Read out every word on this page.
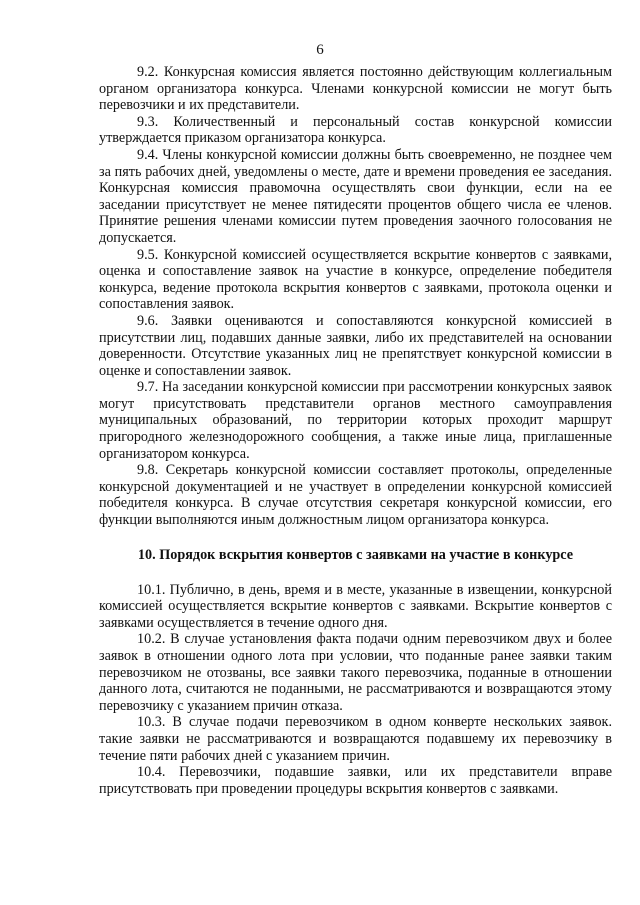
6

9.2. Конкурсная комиссия является постоянно действующим коллегиальным органом организатора конкурса. Членами конкурсной комиссии не могут быть перевозчики и их представители.

9.3. Количественный и персональный состав конкурсной комиссии утверждается приказом организатора конкурса.

9.4. Члены конкурсной комиссии должны быть своевременно, не позднее чем за пять рабочих дней, уведомлены о месте, дате и времени проведения ее заседания. Конкурсная комиссия правомочна осуществлять свои функции, если на ее заседании присутствует не менее пятидесяти процентов общего числа ее членов. Принятие решения членами комиссии путем проведения заочного голосования не допускается.

9.5. Конкурсной комиссией осуществляется вскрытие конвертов с заявками, оценка и сопоставление заявок на участие в конкурсе, определение победителя конкурса, ведение протокола вскрытия конвертов с заявками, протокола оценки и сопоставления заявок.

9.6. Заявки оцениваются и сопоставляются конкурсной комиссией в присутствии лиц, подавших данные заявки, либо их представителей на основании доверенности. Отсутствие указанных лиц не препятствует конкурсной комиссии в оценке и сопоставлении заявок.

9.7. На заседании конкурсной комиссии при рассмотрении конкурсных заявок могут присутствовать представители органов местного самоуправления муниципальных образований, по территории которых проходит маршрут пригородного железнодорожного сообщения, а также иные лица, приглашенные организатором конкурса.

9.8. Секретарь конкурсной комиссии составляет протоколы, определенные конкурсной документацией и не участвует в определении конкурсной комиссией победителя конкурса. В случае отсутствия секретаря конкурсной комиссии, его функции выполняются иным должностным лицом организатора конкурса.

10. Порядок вскрытия конвертов с заявками на участие в конкурсе

10.1. Публично, в день, время и в месте, указанные в извещении, конкурсной комиссией осуществляется вскрытие конвертов с заявками. Вскрытие конвертов с заявками осуществляется в течение одного дня.

10.2. В случае установления факта подачи одним перевозчиком двух и более заявок в отношении одного лота при условии, что поданные ранее заявки таким перевозчиком не отозваны, все заявки такого перевозчика, поданные в отношении данного лота, считаются не поданными, не рассматриваются и возвращаются этому перевозчику с указанием причин отказа.

10.3. В случае подачи перевозчиком в одном конверте нескольких заявок. такие заявки не рассматриваются и возвращаются подавшему их перевозчику в течение пяти рабочих дней с указанием причин.

10.4. Перевозчики, подавшие заявки, или их представители вправе присутствовать при проведении процедуры вскрытия конвертов с заявками.
